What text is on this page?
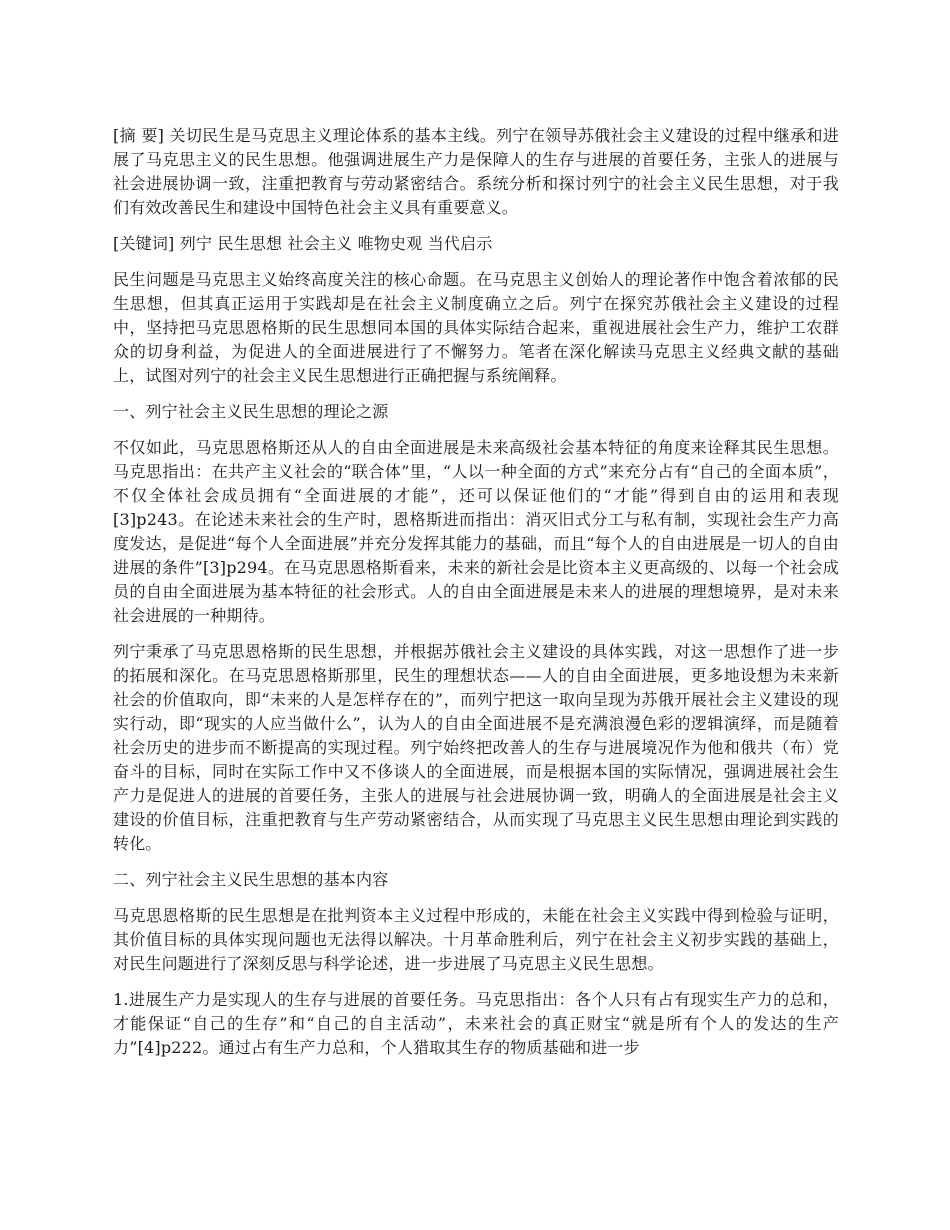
[摘 要] 关切民生是马克思主义理论体系的基本主线。列宁在领导苏俄社会主义建设的过程中继承和进展了马克思主义的民生思想。他强调进展生产力是保障人的生存与进展的首要任务，主张人的进展与社会进展协调一致，注重把教育与劳动紧密结合。系统分析和探讨列宁的社会主义民生思想，对于我们有效改善民生和建设中国特色社会主义具有重要意义。

[关键词] 列宁 民生思想 社会主义 唯物史观 当代启示

民生问题是马克思主义始终高度关注的核心命题。在马克思主义创始人的理论著作中饱含着浓郁的民生思想，但其真正运用于实践却是在社会主义制度确立之后。列宁在探究苏俄社会主义建设的过程中，坚持把马克思恩格斯的民生思想同本国的具体实际结合起来，重视进展社会生产力，维护工农群众的切身利益，为促进人的全面进展进行了不懈努力。笔者在深化解读马克思主义经典文献的基础上，试图对列宁的社会主义民生思想进行正确把握与系统阐释。

一、列宁社会主义民生思想的理论之源

不仅如此，马克思恩格斯还从人的自由全面进展是未来高级社会基本特征的角度来诠释其民生思想。马克思指出：在共产主义社会的“联合体”里，“人以一种全面的方式”来充分占有“自己的全面本质”，不仅全体社会成员拥有“全面进展的才能”，还可以保证他们的“才能”得到自由的运用和表现[3]p243。在论述未来社会的生产时，恩格斯进而指出：消灭旧式分工与私有制，实现社会生产力高度发达，是促进“每个人全面进展”并充分发挥其能力的基础，而且“每个人的自由进展是一切人的自由进展的条件”[3]p294。在马克思恩格斯看来，未来的新社会是比资本主义更高级的、以每一个社会成员的自由全面进展为基本特征的社会形式。人的自由全面进展是未来人的进展的理想境界，是对未来社会进展的一种期待。

列宁秉承了马克思恩格斯的民生思想，并根据苏俄社会主义建设的具体实践，对这一思想作了进一步的拓展和深化。在马克思恩格斯那里，民生的理想状态——人的自由全面进展，更多地设想为未来新社会的价值取向，即“未来的人是怎样存在的”，而列宁把这一取向呈现为苏俄开展社会主义建设的现实行动，即“现实的人应当做什么”，认为人的自由全面进展不是充满浪漫色彩的逻辑演绎，而是随着社会历史的进步而不断提高的实现过程。列宁始终把改善人的生存与进展境况作为他和俄共（布）党奋斗的目标，同时在实际工作中又不侈谈人的全面进展，而是根据本国的实际情况，强调进展社会生产力是促进人的进展的首要任务，主张人的进展与社会进展协调一致，明确人的全面进展是社会主义建设的价值目标，注重把教育与生产劳动紧密结合，从而实现了马克思主义民生思想由理论到实践的转化。

二、列宁社会主义民生思想的基本内容

马克思恩格斯的民生思想是在批判资本主义过程中形成的，未能在社会主义实践中得到检验与证明，其价值目标的具体实现问题也无法得以解决。十月革命胜利后，列宁在社会主义初步实践的基础上，对民生问题进行了深刻反思与科学论述，进一步进展了马克思主义民生思想。

1.进展生产力是实现人的生存与进展的首要任务。马克思指出：各个人只有占有现实生产力的总和，才能保证“自己的生存”和“自己的自主活动”，未来社会的真正财宝“就是所有个人的发达的生产力”[4]p222。通过占有生产力总和，个人猎取其生存的物质基础和进一步
